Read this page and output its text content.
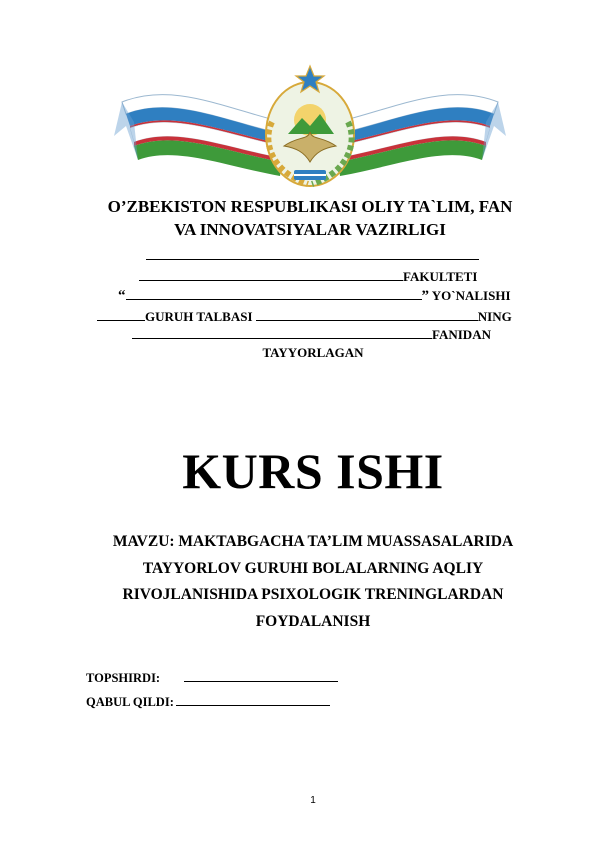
O’ZBEKISTON RESPUBLIKASI OLIY TA`LIM, FAN
VA INNOVATSIYALAR VAZIRLIGI
FAKULTETI
“	” YO`NALISHI
GURUH TALBASI	NING
FANIDAN
TAYYORLAGAN
KURS ISHI
MAVZU: MAKTABGACHA TA’LIM MUASSASALARIDA
TAYYORLOV GURUHI BOLALARNING AQLIY
RIVOJLANISHIDA PSIXOLOGIK TRENINGLARDAN
FOYDALANISH
TOPSHIRDI:
QABUL QILDI:
1
